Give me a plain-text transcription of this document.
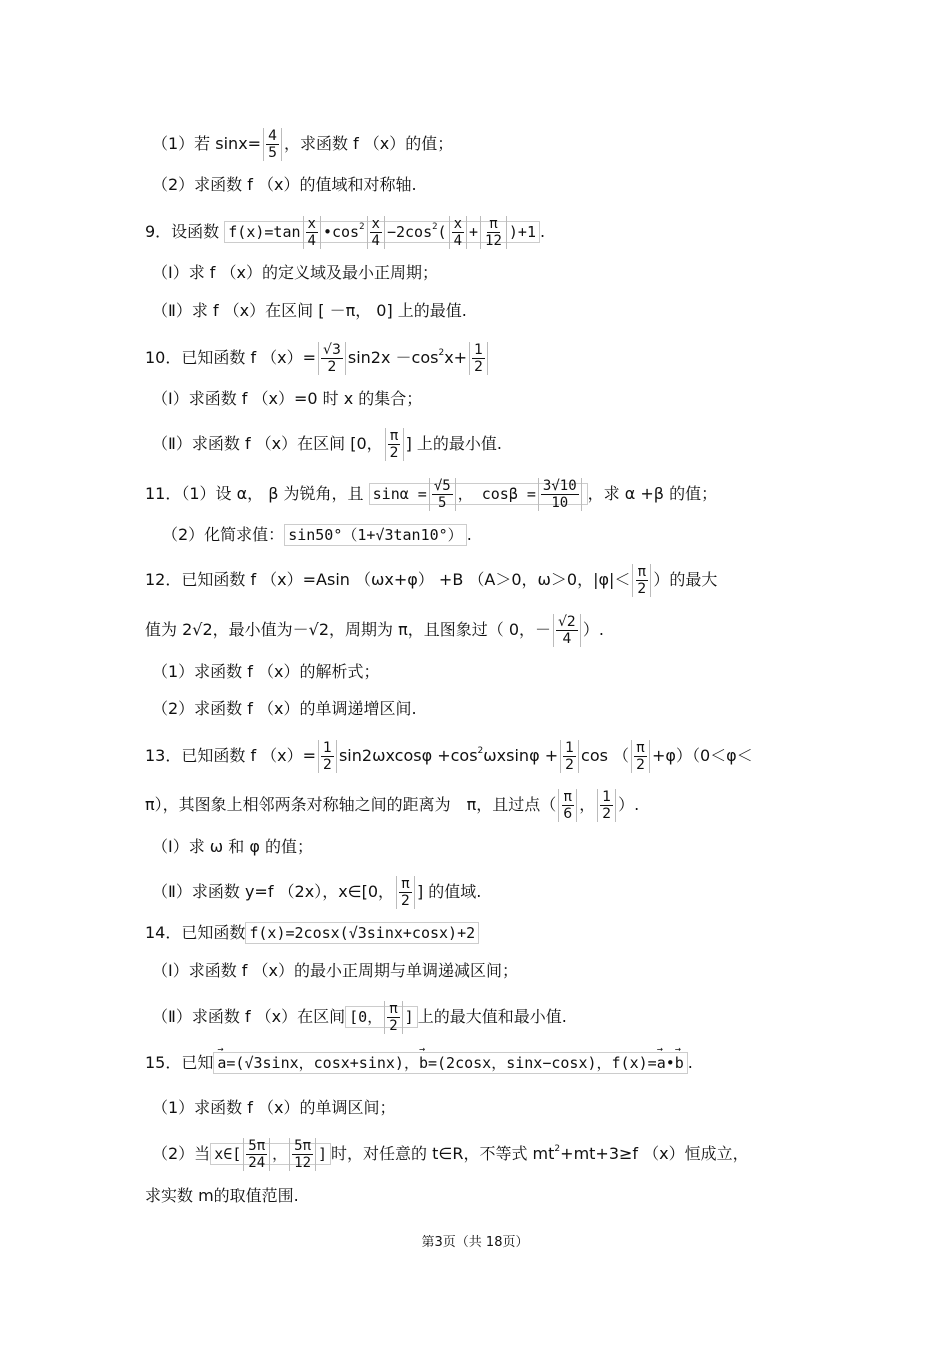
（1）若 $\sin x= \frac{4}{5}$ ，求函数 f （x）的值；
（2）求函数 f （x）的值域和对称轴.
9．设函数 $f(x)=\tan \frac{x}{4}$ $•\cos^2 \frac{x}{4} -2\cos^2( \frac{x}{4} + \frac{\pi}{12} )+1$ .
（Ⅰ）求 f （x）的定义域及最小正周期；
（Ⅱ）求 f （x）在区间 [ －π， 0] 上的最值.
10．已知函数 f $(x)= \frac{√3}{2} \sin 2x -\cos^2x+ \frac{1}{2}$
（Ⅰ）求函数 f （x）=0 时 x 的集合；
（Ⅱ）求函数 f （x）在区间 [0， $\frac{\pi}{2}$ ] 上的最小值.
11．（1）设 α， β 为锐角，且 $\sin\alpha = \frac{√5}{5}$ ， $\cos\beta = \frac{3√10}{10}$ ，求 α +β 的值；
（2）化简求值： sin50°（1+√3tan10°） .
12．已知函数 f （x）=Asin （ωx+φ） +B （A＞0，ω＞0，$|\varphi|< \frac{\pi}{2}$ ）的最大
值为 2√2，最小值为－√2，周期为 π，且图象过（ 0，－ $\frac{√2}{4}$ ）.
（1）求函数 f （x）的解析式；
（2）求函数 f （x）的单调递增区间.
13．已知函数 f $(x)= \frac{1}{2} \sin 2\omega xcos\varphi +\cos^2\omega xsin\varphi + \frac{1}{2}$ cos （ $\frac{\pi}{2} +\varphi)(0<\varphi<$
π），其图象上相邻两条对称轴之间的距离为　π，且过点（ $\frac{\pi}{6}$ ， $\frac{1}{2}$ ）.
（Ⅰ）求 ω 和 φ 的值；
（Ⅱ）求函数 y=f （2x），x∈[0， $\frac{\pi}{2}$ ] 的值域.
14．已知函数 f(x)=2cosx(√3sinx+cosx)+2
（Ⅰ）求函数 f （x）的最小正周期与单调递减区间；
（Ⅱ）求函数 f （x）在区间 [0， $\frac{\pi}{2}$ ] 上的最大值和最小值.
15．已知→ a=(√3sinx，cosx+sinx)，→ b=(2cosx，sinx−cosx)，f(x)=→ a•→ b .
（1）求函数 f （x）的单调区间；
（2）当 x∈[ $\frac{5\pi}{24}$ ， $\frac{5\pi}{12}$ ] 时，对任意的 t∈R，不等式 $mt^2+mt+3\ge f$ （x）恒成立，
求实数 m的取值范围.
第3页（共 18页）
